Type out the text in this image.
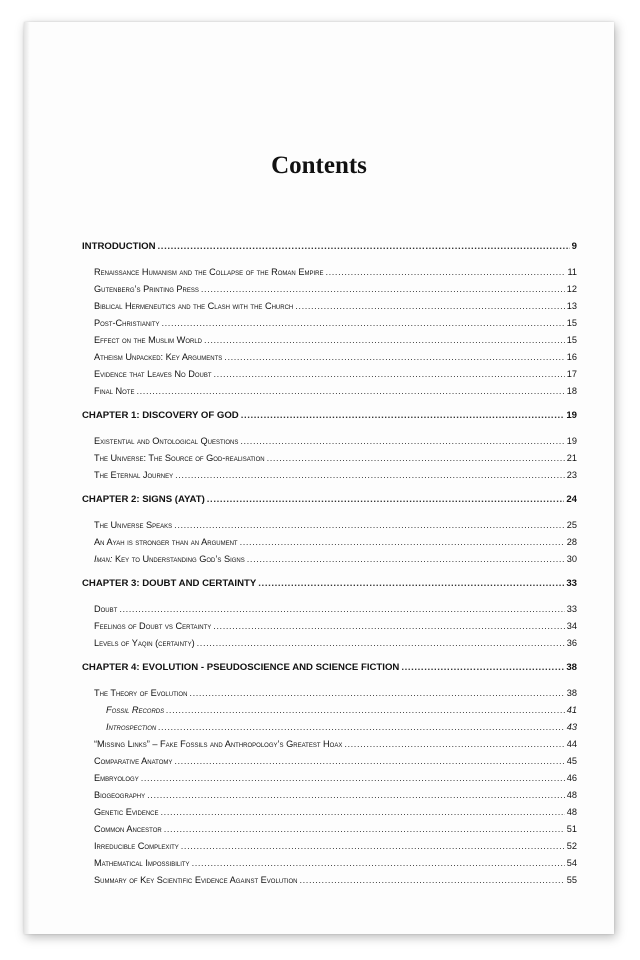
Contents
INTRODUCTION .....	9
Renaissance Humanism and the Collapse of the Roman Empire .....	11
Gutenberg’s Printing Press .....	12
Biblical Hermeneutics and the Clash with the Church .....	13
Post-Christianity .....	15
Effect on the Muslim World .....	15
Atheism Unpacked: Key Arguments .....	16
Evidence that Leaves No Doubt .....	17
Final Note .....	18
CHAPTER 1: DISCOVERY OF GOD .....	19
Existential and Ontological Questions .....	19
The Universe: The Source of God-realisation .....	21
The Eternal Journey .....	23
CHAPTER 2: SIGNS (AYAT) .....	24
The Universe Speaks .....	25
An Ayah is stronger than an Argument .....	28
Iman: Key to Understanding God’s Signs .....	30
CHAPTER 3: DOUBT AND CERTAINTY .....	33
Doubt .....	33
Feelings of Doubt vs Certainty .....	34
Levels of Yaqin (certainty) .....	36
CHAPTER 4: EVOLUTION - PSEUDOSCIENCE AND SCIENCE FICTION .....	38
The Theory of Evolution .....	38
Fossil Records .....	41
Introspection .....	43
“Missing Links” – Fake Fossils and Anthropology’s Greatest Hoax .....	44
Comparative Anatomy .....	45
Embryology .....	46
Biogeography .....	48
Genetic Evidence .....	48
Common Ancestor .....	51
Irreducible Complexity .....	52
Mathematical Impossibility .....	54
Summary of Key Scientific Evidence Against Evolution .....	55
